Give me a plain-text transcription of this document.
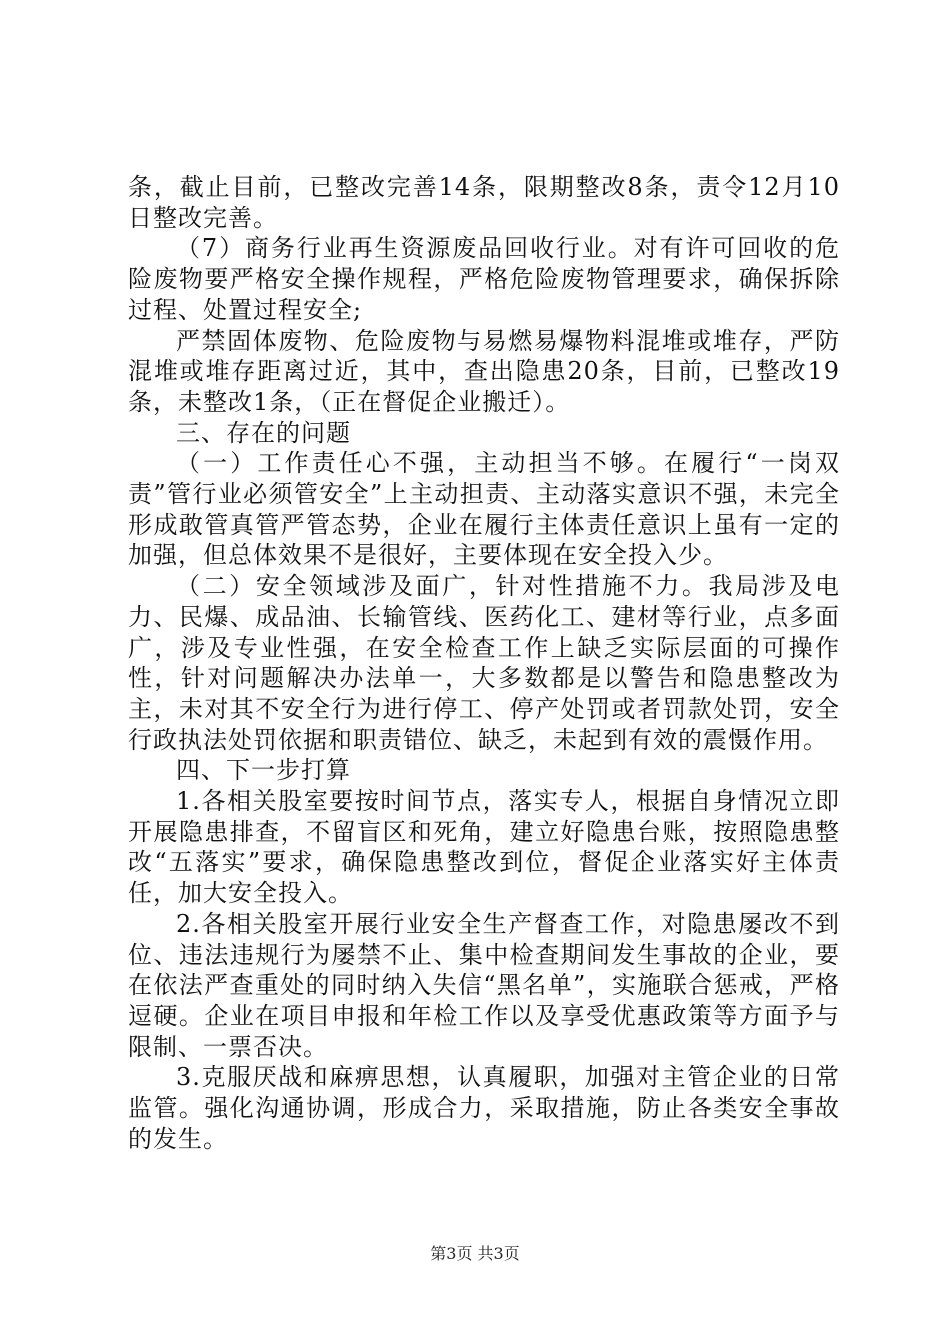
条，截止目前，已整改完善14条，限期整改8条，责令12月10日整改完善。

（7）商务行业再生资源废品回收行业。对有许可回收的危险废物要严格安全操作规程，严格危险废物管理要求，确保拆除过程、处置过程安全;

严禁固体废物、危险废物与易燃易爆物料混堆或堆存，严防混堆或堆存距离过近，其中，查出隐患20条，目前，已整改19条，未整改1条，（正在督促企业搬迁）。

三、存在的问题

（一）工作责任心不强，主动担当不够。在履行“一岗双责”管行业必须管安全”上主动担责、主动落实意识不强，未完全形成敢管真管严管态势，企业在履行主体责任意识上虽有一定的加强，但总体效果不是很好，主要体现在安全投入少。

（二）安全领域涉及面广，针对性措施不力。我局涉及电力、民爆、成品油、长输管线、医药化工、建材等行业，点多面广，涉及专业性强，在安全检查工作上缺乏实际层面的可操作性，针对问题解决办法单一，大多数都是以警告和隐患整改为主，未对其不安全行为进行停工、停产处罚或者罚款处罚，安全行政执法处罚依据和职责错位、缺乏，未起到有效的震慑作用。

四、下一步打算

1.各相关股室要按时间节点，落实专人，根据自身情况立即开展隐患排查，不留盲区和死角，建立好隐患台账，按照隐患整改“五落实”要求，确保隐患整改到位，督促企业落实好主体责任，加大安全投入。

2.各相关股室开展行业安全生产督查工作，对隐患屡改不到位、违法违规行为屡禁不止、集中检查期间发生事故的企业，要在依法严查重处的同时纳入失信“黑名单”，实施联合惩戒，严格逗硬。企业在项目申报和年检工作以及享受优惠政策等方面予与限制、一票否决。

3.克服厌战和麻痹思想，认真履职，加强对主管企业的日常监管。强化沟通协调，形成合力，采取措施，防止各类安全事故的发生。

第3页 共3页
